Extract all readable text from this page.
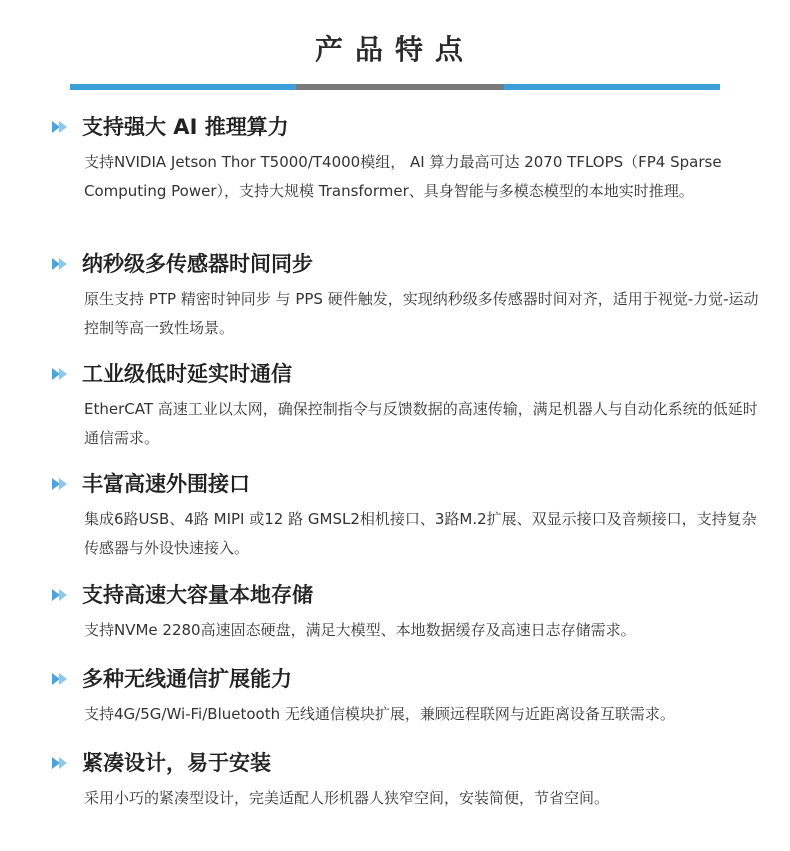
产品特点
支持强大 AI 推理算力
支持NVIDIA Jetson Thor T5000/T4000模组， AI 算力最高可达 2070 TFLOPS（FP4 Sparse Computing Power），支持大规模 Transformer、具身智能与多模态模型的本地实时推理。
纳秒级多传感器时间同步
原生支持 PTP 精密时钟同步 与 PPS 硬件触发，实现纳秒级多传感器时间对齐，适用于视觉-力觉-运动控制等高一致性场景。
工业级低时延实时通信
EtherCAT 高速工业以太网，确保控制指令与反馈数据的高速传输，满足机器人与自动化系统的低延时通信需求。
丰富高速外围接口
集成6路USB、4路 MIPI 或12 路 GMSL2相机接口、3路M.2扩展、双显示接口及音频接口，支持复杂传感器与外设快速接入。
支持高速大容量本地存储
支持NVMe 2280高速固态硬盘，满足大模型、本地数据缓存及高速日志存储需求。
多种无线通信扩展能力
支持4G/5G/Wi-Fi/Bluetooth 无线通信模块扩展，兼顾远程联网与近距离设备互联需求。
紧凑设计，易于安装
采用小巧的紧凑型设计，完美适配人形机器人狭窄空间，安装简便，节省空间。
